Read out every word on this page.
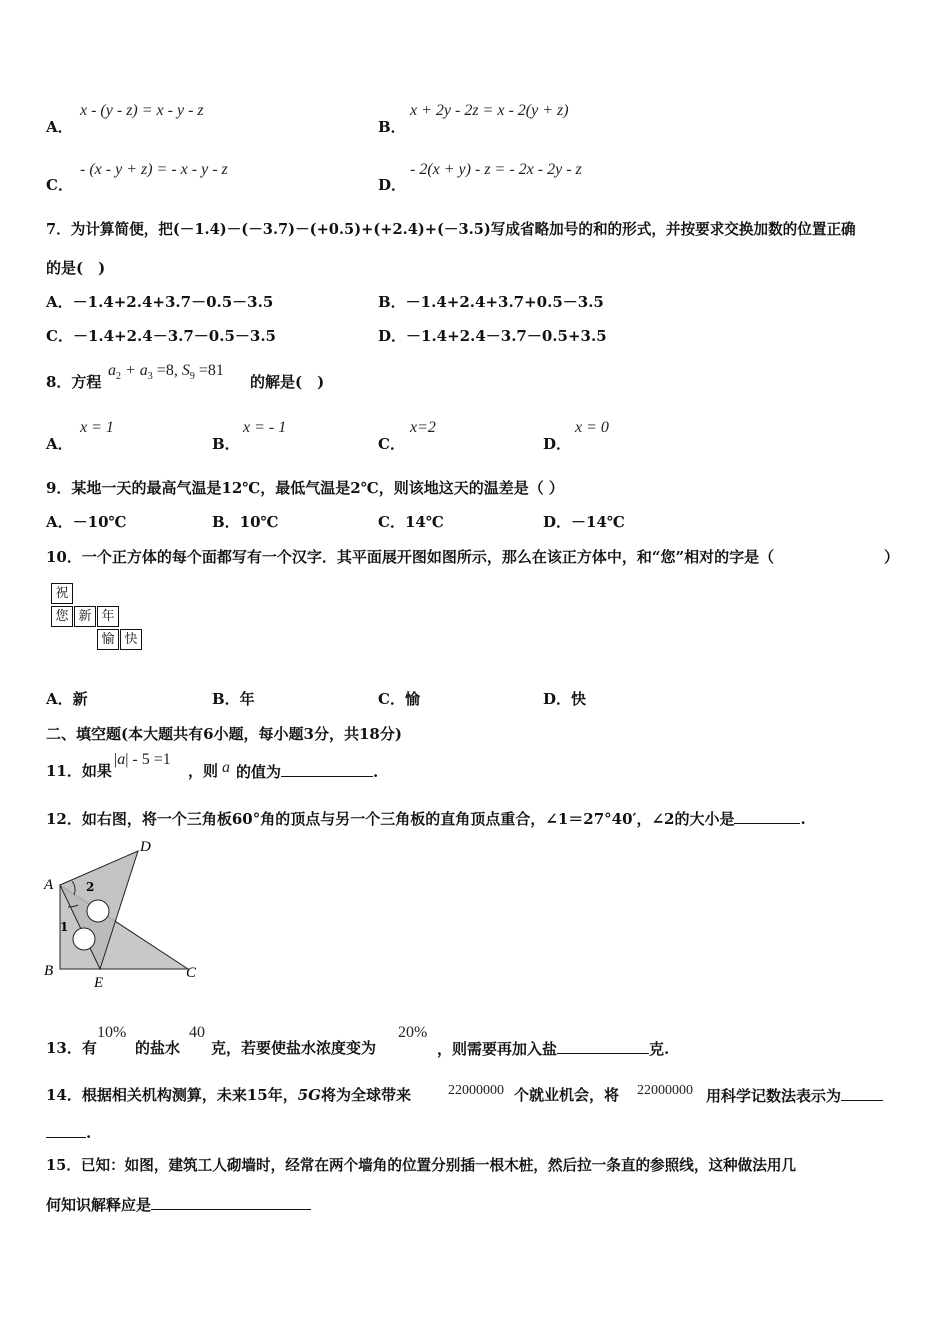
A．
x - (y - z) = x - y - z
B．
x + 2y - 2z = x - 2(y + z)
C．
- (x - y + z) = - x - y - z
D．
- 2(x + y) - z = - 2x - 2y - z
7．为计算简便，把(－1.4)－(－3.7)－(+0.5)+(+2.4)+(－3.5)写成省略加号的和的形式，并按要求交换加数的位置正确
的是(　)
A．－1.4+2.4+3.7－0.5－3.5	B．－1.4+2.4+3.7+0.5－3.5
C．－1.4+2.4－3.7－0.5－3.5	D．－1.4+2.4－3.7－0.5+3.5
8．方程
$a_2 + a_3 =8$, $S_9 =81$
的解是(　)
A．
x = 1
B．
x = - 1
C．
x=2
D．
x = 0
9．某地一天的最高气温是12℃，最低气温是2℃，则该地这天的温差是（ ）
A．－10℃	B．10℃	C．14℃	D．－14℃
10．一个正方体的每个面都写有一个汉字．其平面展开图如图所示，那么在该正方体中，和“您”相对的字是（	）
祝
您 新 年
愉 快
A．新	B．年	C．愉	D．快
二、填空题(本大题共有6小题，每小题3分，共18分)
11．如果
|a| - 5 =1
，则 a 的值为	.
12．如右图，将一个三角板60°角的顶点与另一个三角板的直角顶点重合，∠1＝27°40′，∠2的大小是	.
A
B	C
D
E
1
2
13．有
10%
的盐水
40
克，若要使盐水浓度变为
20%
，则需要再加入盐	克.
14．根据相关机构测算，未来15年，5G将为全球带来	22000000 个就业机会，将 22000000 用科学记数法表示为
.
15．已知：如图，建筑工人砌墙时，经常在两个墙角的位置分别插一根木桩，然后拉一条直的参照线，这种做法用几
何知识解释应是
